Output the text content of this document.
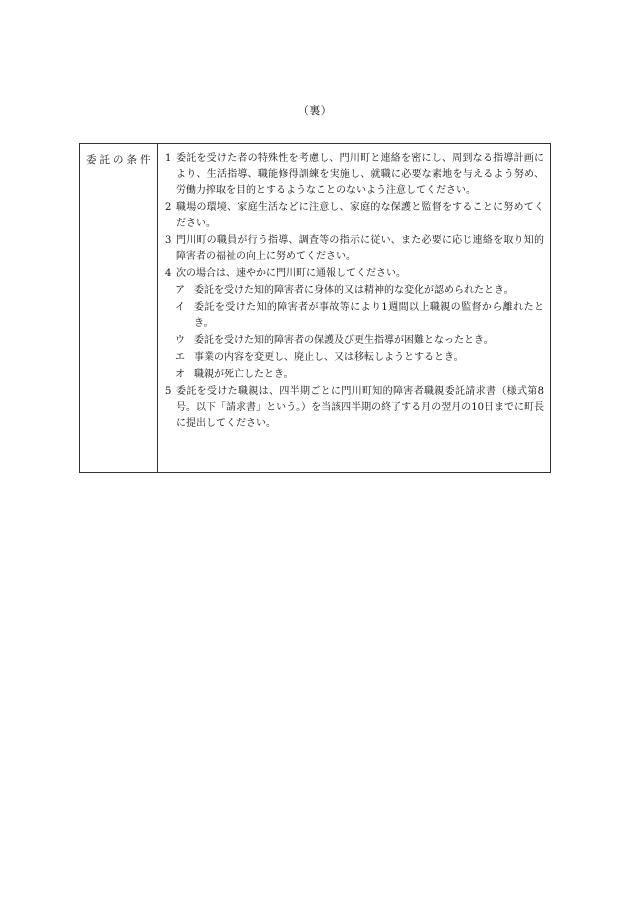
（裏）
委託の条件	1 委託を受けた者の特殊性を考慮し、門川町と連絡を密にし、周到なる指導計画により、生活指導、職能修得訓練を実施し、就職に必要な素地を与えるよう努め、労働力搾取を目的とするようなことのないよう注意してください。
2 職場の環境、家庭生活などに注意し、家庭的な保護と監督をすることに努めてください。
3 門川町の職員が行う指導、調査等の指示に従い、また必要に応じ連絡を取り知的障害者の福祉の向上に努めてください。
4 次の場合は、速やかに門川町に通報してください。
ア 委託を受けた知的障害者に身体的又は精神的な変化が認められたとき。
イ 委託を受けた知的障害者が事故等により1週間以上職親の監督から離れたとき。
ウ 委託を受けた知的障害者の保護及び更生指導が困難となったとき。
エ 事業の内容を変更し、廃止し、又は移転しようとするとき。
オ 職親が死亡したとき。
5 委託を受けた職親は、四半期ごとに門川町知的障害者職親委託請求書（様式第8号。以下「請求書」という。）を当該四半期の終了する月の翌月の10日までに町長に提出してください。
